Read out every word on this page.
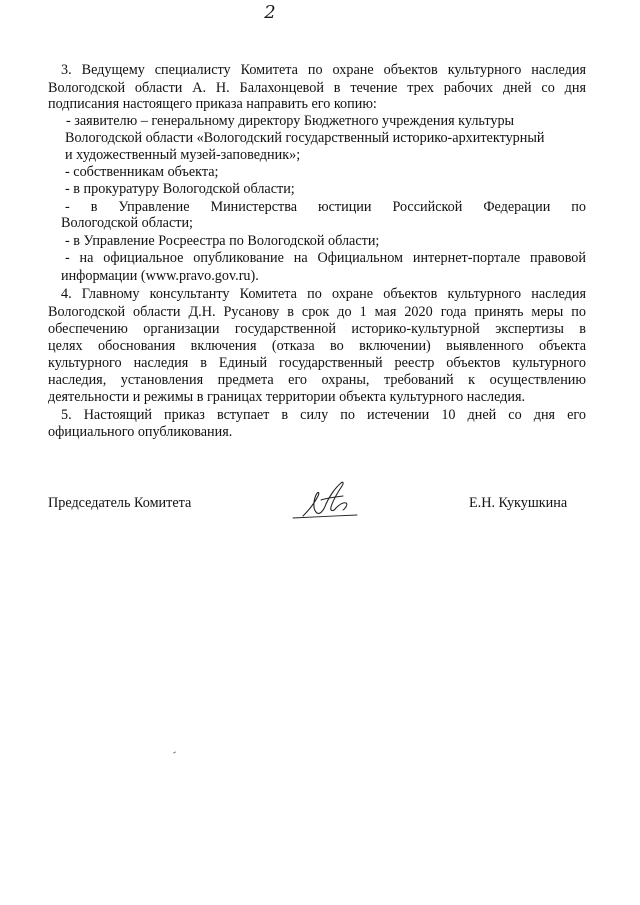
2
3. Ведущему специалисту Комитета по охране объектов культурного наследия
Вологодской области А. Н. Балахонцевой в течение трех рабочих дней со дня
подписания настоящего приказа направить его копию:
- заявителю – генеральному директору Бюджетного учреждения культуры
Вологодской области «Вологодский государственный историко-архитектурный
и художественный музей-заповедник»;
- собственникам объекта;
- в прокуратуру Вологодской области;
- в Управление Министерства юстиции Российской Федерации по
Вологодской области;
- в Управление Росреестра по Вологодской области;
- на официальное опубликование на Официальном интернет-портале правовой
информации (www.pravo.gov.ru).
4. Главному консультанту Комитета по охране объектов культурного наследия
Вологодской области Д.Н. Русанову в срок до 1 мая 2020 года принять меры по
обеспечению организации государственной историко-культурной экспертизы в
целях обоснования включения (отказа во включении) выявленного объекта
культурного наследия в Единый государственный реестр объектов культурного
наследия, установления предмета его охраны, требований к осуществлению
деятельности и режимы в границах территории объекта культурного наследия.
5. Настоящий приказ вступает в силу по истечении 10 дней со дня его
официального опубликования.
Председатель Комитета	Е.Н. Кукушкина
